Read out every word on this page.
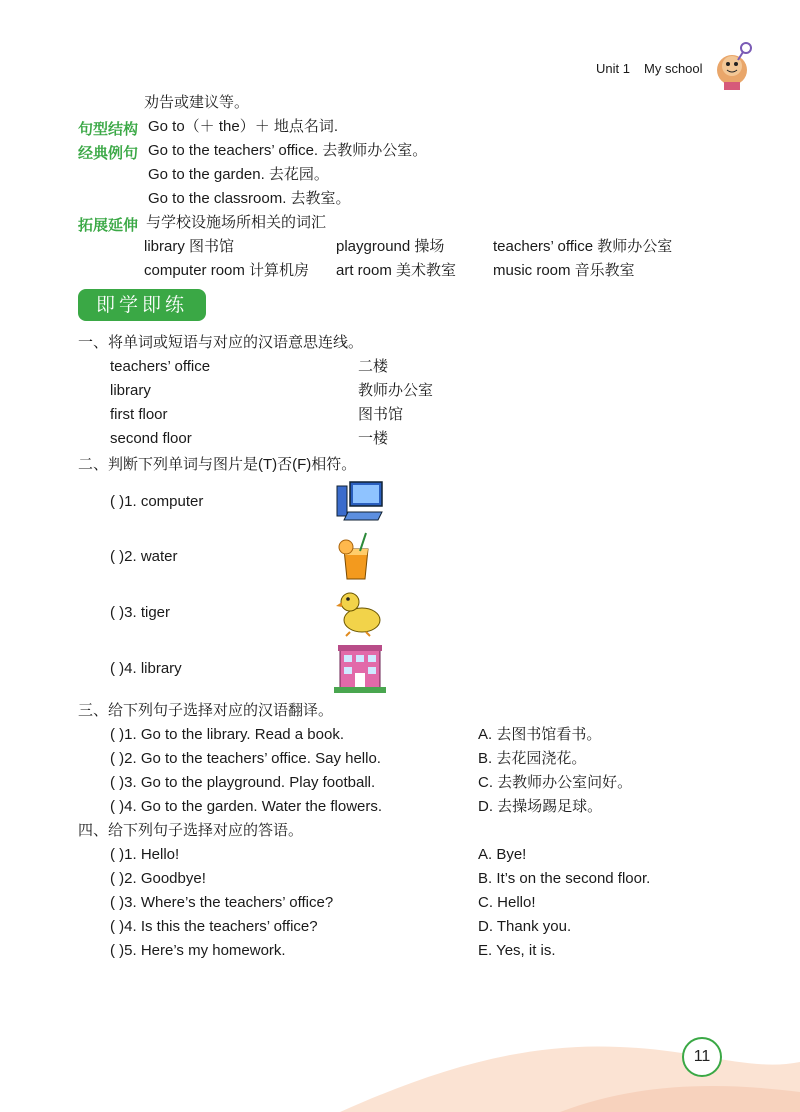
Unit 1 My school
劝告或建议等。
句型结构 Go to（＋ the）＋ 地点名词.
经典例句 Go to the teachers’ office. 去教师办公室。
Go to the garden. 去花园。
Go to the classroom. 去教室。
拓展延伸 与学校设施场所相关的词汇
library 图书馆	playground 操场	teachers’ office 教师办公室
computer room 计算机房 art room 美术教室 music room 音乐教室
即学即练
一、将单词或短语与对应的汉语意思连线。
teachers’ office
library
first floor
second floor
二楼
教师办公室
图书馆
一楼
二、判断下列单词与图片是(T)否(F)相符。
( )1. computer
( )2. water
( )3. tiger
( )4. library
三、给下列句子选择对应的汉语翻译。
( )1. Go to the library. Read a book.
( )2. Go to the teachers’ office. Say hello.
( )3. Go to the playground. Play football.
( )4. Go to the garden. Water the flowers.
A. 去图书馆看书。
B. 去花园浇花。
C. 去教师办公室问好。
D. 去操场踢足球。
四、给下列句子选择对应的答语。
( )1. Hello!
( )2. Goodbye!
( )3. Where’s the teachers’ office?
( )4. Is this the teachers’ office?
( )5. Here’s my homework.
A. Bye!
B. It’s on the second floor.
C. Hello!
D. Thank you.
E. Yes, it is.
11
